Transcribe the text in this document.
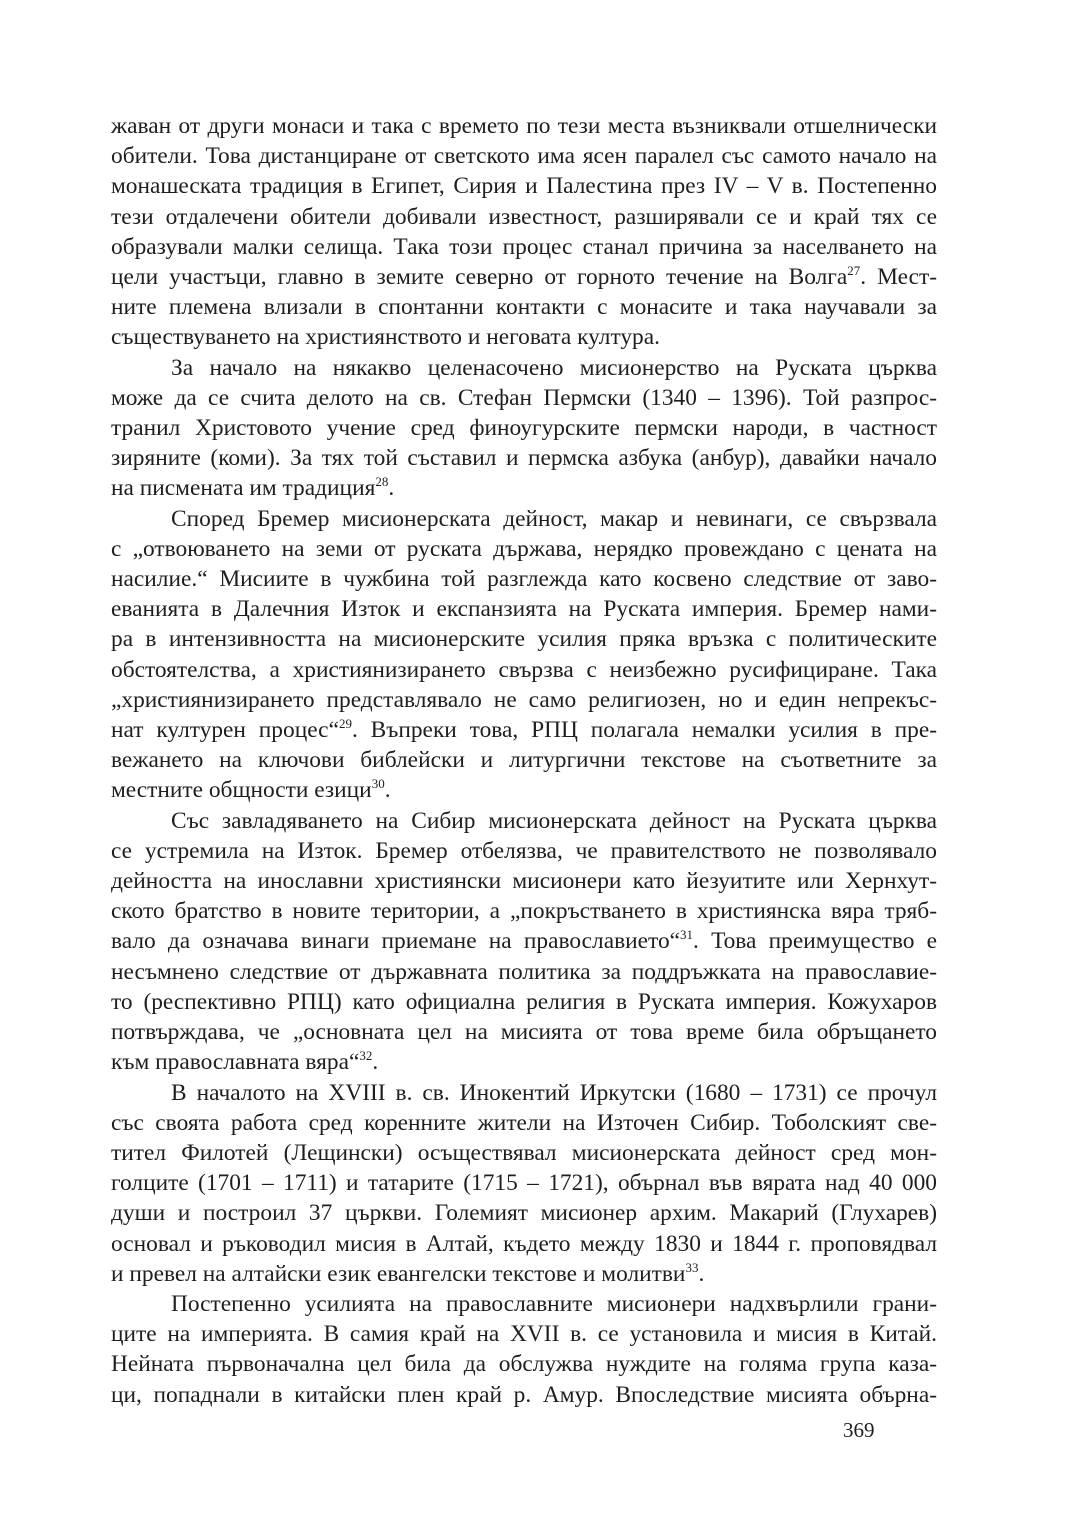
жаван от други монаси и така с времето по тези места възниквали отшелнически
обители. Това дистанциране от светското има ясен паралел със самото начало на
монашеската традиция в Египет, Сирия и Палестина през IV – V в. Постепенно
тези отдалечени обители добивали известност, разширявали се и край тях се
образували малки селища. Така този процес станал причина за населването на
цели участъци, главно в земите северно от горното течение на Волга$^{27}$. Мест-
ните племена влизали в спонтанни контакти с монасите и така научавали за
съществуването на християнството и неговата култура.
За начало на някакво целенасочено мисионерство на Руската църква
може да се счита делото на св. Стефан Пермски (1340 – 1396). Той разпрос-
транил Христовото учение сред финоугурските пермски народи, в частност
зиряните (коми). За тях той съставил и пермска азбука (анбур), давайки начало
на писмената им традиция$^{28}$.
Според Бремер мисионерската дейност, макар и невинаги, се свързвала
с „отвоюването на земи от руската държава, нерядко провеждано с цената на
насилие.“ Мисиите в чужбина той разглежда като косвено следствие от заво-
еванията в Далечния Изток и експанзията на Руската империя. Бремер нами-
ра в интензивността на мисионерските усилия пряка връзка с политическите
обстоятелства, а християнизирането свързва с неизбежно русифициране. Така
„християнизирането представлявало не само религиозен, но и един непрекъс-
нат културен процес“$^{29}$. Въпреки това, РПЦ полагала немалки усилия в пре-
вежането на ключови библейски и литургични текстове на съответните за
местните общности езици$^{30}$.
Със завладяването на Сибир мисионерската дейност на Руската църква
се устремила на Изток. Бремер отбелязва, че правителството не позволявало
дейността на инославни християнски мисионери като йезуитите или Хернхут-
ското братство в новите територии, а „покръстването в християнска вяра тряб-
вало да означава винаги приемане на православието“$^{31}$. Това преимущество е
несъмнено следствие от държавната политика за поддръжката на православие-
то (респективно РПЦ) като официална религия в Руската империя. Кожухаров
потвърждава, че „основната цел на мисията от това време била обръщането
към православната вяра“$^{32}$.
В началото на XVIII в. св. Инокентий Иркутски (1680 – 1731) се прочул
със своята работа сред коренните жители на Източен Сибир. Тоболският све-
тител Филотей (Лещински) осъществявал мисионерската дейност сред мон-
голците (1701 – 1711) и татарите (1715 – 1721), обърнал във вярата над 40 000
души и построил 37 църкви. Големият мисионер архим. Макарий (Глухарев)
основал и ръководил мисия в Алтай, където между 1830 и 1844 г. проповядвал
и превел на алтайски език евангелски текстове и молитви$^{33}$.
Постепенно усилията на православните мисионери надхвърлили грани-
ците на империята. В самия край на XVII в. се установила и мисия в Китай.
Нейната първоначална цел била да обслужва нуждите на голяма група каза-
ци, попаднали в китайски плен край р. Амур. Впоследствие мисията обърна-
369
